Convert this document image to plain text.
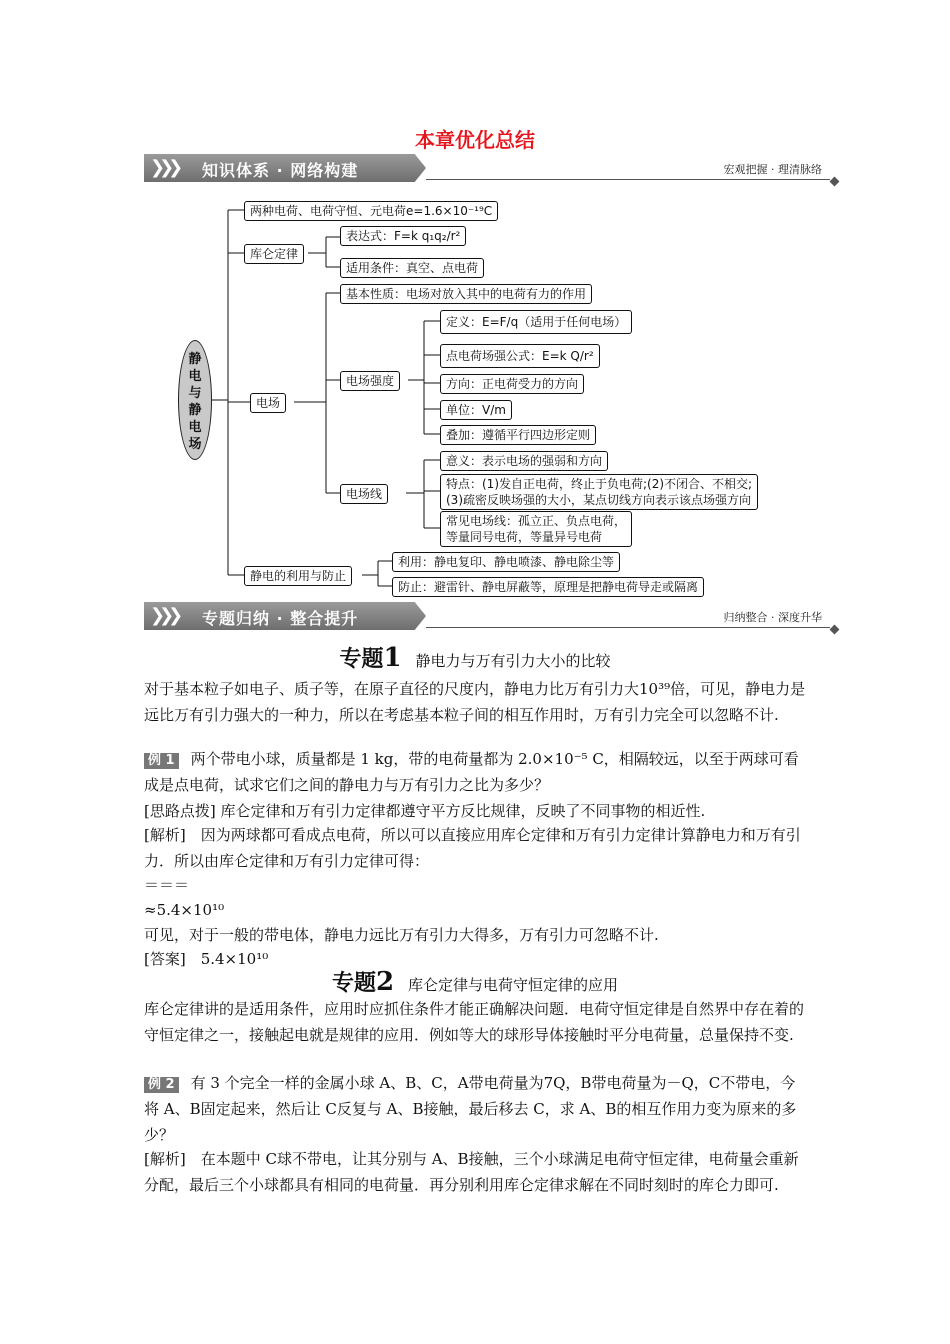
本章优化总结
❯❯❯ 知识体系 · 网络构建	宏观把握 · 理清脉络
静电与静电场
两种电荷、电荷守恒、元电荷e=1.6×10⁻¹⁹C
库仑定律
表达式：F=k q₁q₂/r²
适用条件：真空、点电荷
电场
基本性质：电场对放入其中的电荷有力的作用
电场强度
定义：E=F/q（适用于任何电场）
点电荷场强公式：E=k Q/r²
方向：正电荷受力的方向
单位：V/m
叠加：遵循平行四边形定则
电场线
意义：表示电场的强弱和方向
特点：(1)发自正电荷，终止于负电荷;(2)不闭合、不相交;
(3)疏密反映场强的大小，某点切线方向表示该点场强方向
常见电场线：孤立正、负点电荷，
等量同号电荷，等量异号电荷
静电的利用与防止
利用：静电复印、静电喷漆、静电除尘等
防止：避雷针、静电屏蔽等，原理是把静电荷导走或隔离
❯❯❯ 专题归纳 · 整合提升	归纳整合 · 深度升华
专题1 静电力与万有引力大小的比较
对于基本粒子如电子、质子等，在原子直径的尺度内，静电力比万有引力大10³⁹倍，可见，静电力是远比万有引力强大的一种力，所以在考虑基本粒子间的相互作用时，万有引力完全可以忽略不计.
例 1 两个带电小球，质量都是 1 kg，带的电荷量都为 2.0×10⁻⁵ C，相隔较远，以至于两球可看成是点电荷，试求它们之间的静电力与万有引力之比为多少？
[思路点拨] 库仑定律和万有引力定律都遵守平方反比规律，反映了不同事物的相近性.
[解析]　因为两球都可看成点电荷，所以可以直接应用库仑定律和万有引力定律计算静电力和万有引力．所以由库仑定律和万有引力定律可得：
＝＝＝
≈5.4×10¹⁰
可见，对于一般的带电体，静电力远比万有引力大得多，万有引力可忽略不计.
[答案]　5.4×10¹⁰
专题2 库仑定律与电荷守恒定律的应用
库仑定律讲的是适用条件，应用时应抓住条件才能正确解决问题．电荷守恒定律是自然界中存在着的守恒定律之一，接触起电就是规律的应用．例如等大的球形导体接触时平分电荷量，总量保持不变.
例 2 有 3 个完全一样的金属小球 A、B、C，A带电荷量为7Q，B带电荷量为－Q，C不带电，今将 A、B固定起来，然后让 C反复与 A、B接触，最后移去 C，求 A、B的相互作用力变为原来的多少？
[解析]　在本题中 C球不带电，让其分别与 A、B接触，三个小球满足电荷守恒定律，电荷量会重新分配，最后三个小球都具有相同的电荷量．再分别利用库仑定律求解在不同时刻时的库仑力即可.
